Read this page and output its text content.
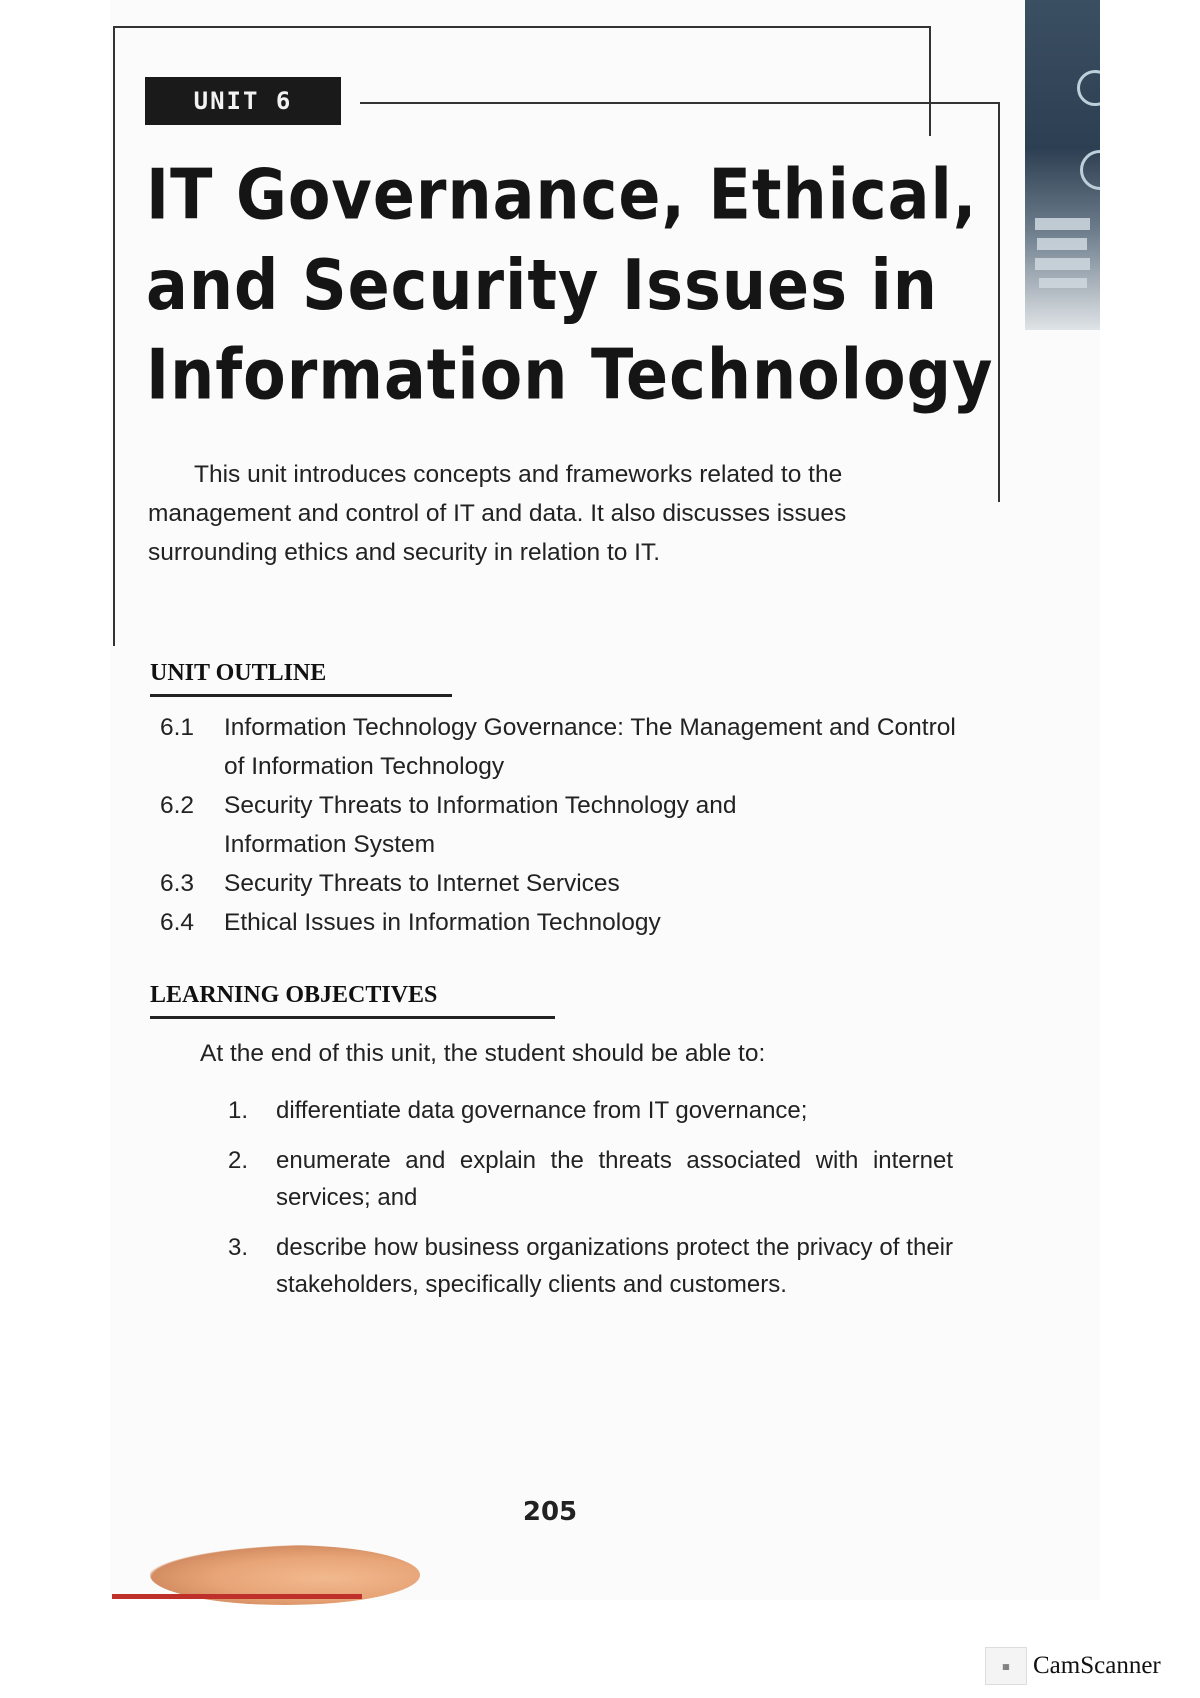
UNIT 6
IT Governance, Ethical,
and Security Issues in
Information Technology
This unit introduces concepts and frameworks related to the management and control of IT and data. It also discusses issues surrounding ethics and security in relation to IT.
UNIT OUTLINE
6.1	Information Technology Governance: The Management and Control of Information Technology
6.2	Security Threats to Information Technology and Information System
6.3	Security Threats to Internet Services
6.4	Ethical Issues in Information Technology
LEARNING OBJECTIVES
At the end of this unit, the student should be able to:
1.	differentiate data governance from IT governance;
2.	enumerate and explain the threats associated with internet services; and
3.	describe how business organizations protect the privacy of their stakeholders, specifically clients and customers.
205
▦ CamScanner
